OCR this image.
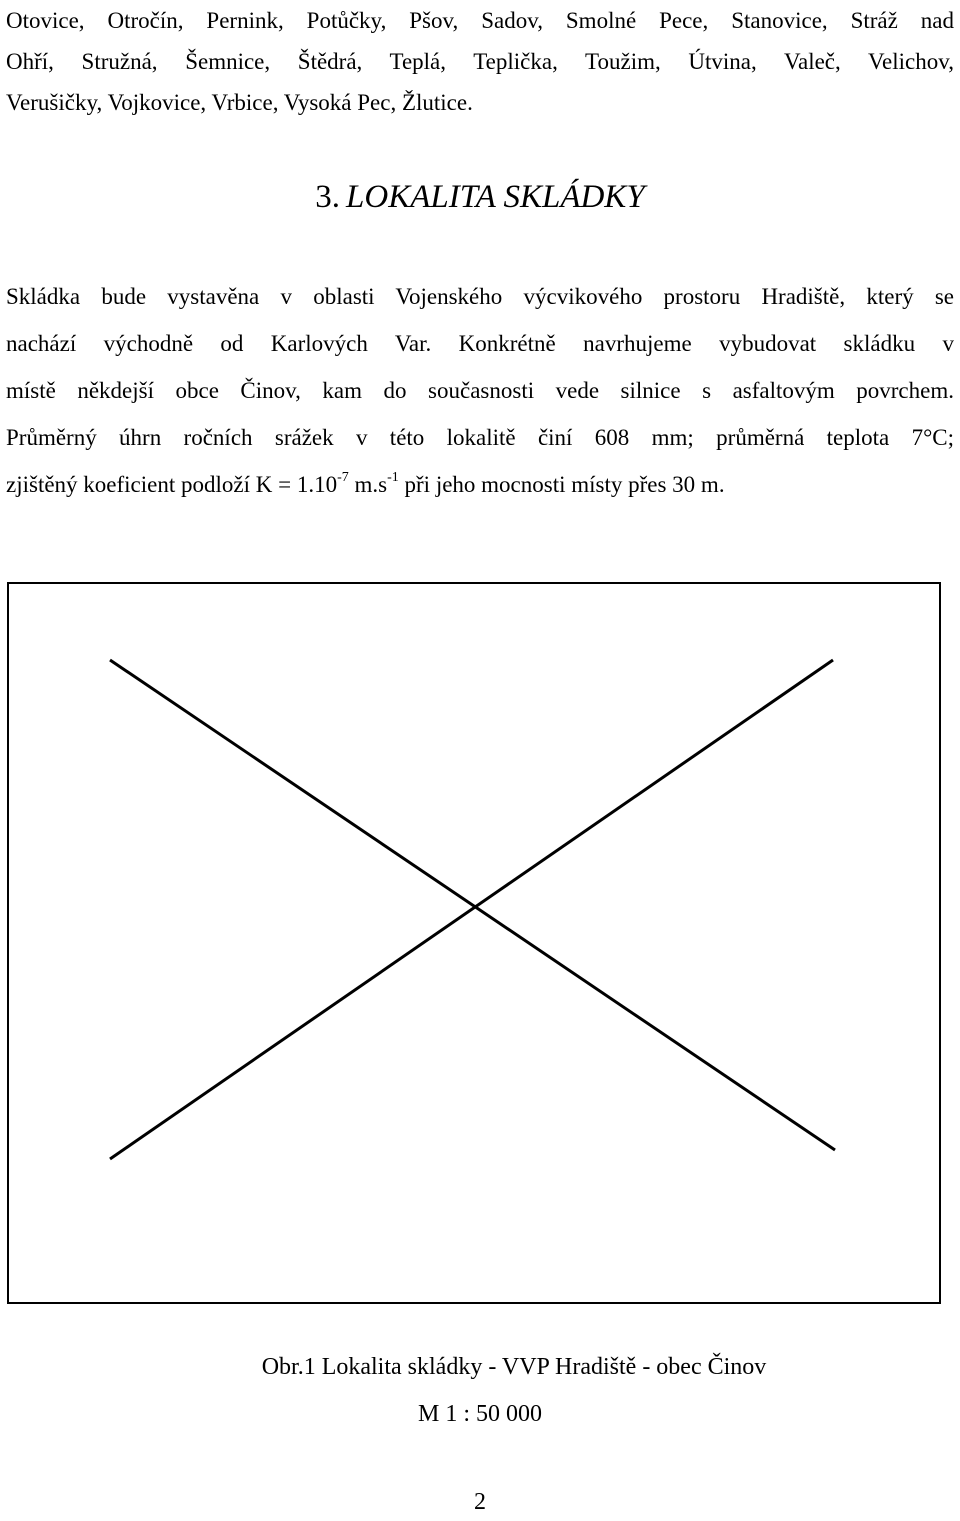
Otovice, Otročín, Pernink, Potůčky, Pšov, Sadov, Smolné Pece, Stanovice, Stráž nad
Ohří, Stružná, Šemnice, Štědrá, Teplá, Teplička, Toužim, Útvina, Valeč, Velichov,
Verušičky, Vojkovice, Vrbice, Vysoká Pec, Žlutice.
3. LOKALITA SKLÁDKY
Skládka bude vystavěna v oblasti Vojenského výcvikového prostoru Hradiště, který se
nachází východně od Karlových Var. Konkrétně navrhujeme vybudovat skládku v
místě někdejší obce Činov, kam do současnosti vede silnice s asfaltovým povrchem.
Průměrný úhrn ročních srážek v této lokalitě činí 608 mm; průměrná teplota 7°C;
zjištěný koeficient podloží $K = 1.10^{-7}$ $m.s^{-1}$ při jeho mocnosti místy přes 30 m.
Obr.1 Lokalita skládky - VVP Hradiště - obec Činov
M 1 : 50 000
2
